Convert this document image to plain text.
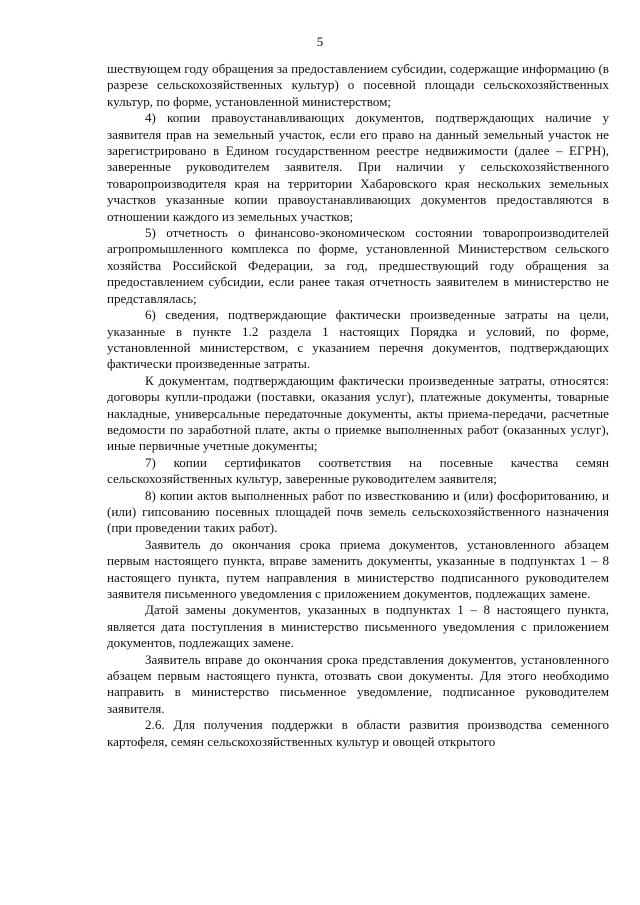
5

шествующем году обращения за предоставлением субсидии, содержащие информацию (в разрезе сельскохозяйственных культур) о посевной площади сельскохозяйственных культур, по форме, установленной министерством;

4) копии правоустанавливающих документов, подтверждающих наличие у заявителя прав на земельный участок, если его право на данный земельный участок не зарегистрировано в Едином государственном реестре недвижимости (далее – ЕГРН), заверенные руководителем заявителя. При наличии у сельскохозяйственного товаропроизводителя края на территории Хабаровского края нескольких земельных участков указанные копии правоустанавливающих документов предоставляются в отношении каждого из земельных участков;

5) отчетность о финансово-экономическом состоянии товаропроизводителей агропромышленного комплекса по форме, установленной Министерством сельского хозяйства Российской Федерации, за год, предшествующий году обращения за предоставлением субсидии, если ранее такая отчетность заявителем в министерство не представлялась;

6) сведения, подтверждающие фактически произведенные затраты на цели, указанные в пункте 1.2 раздела 1 настоящих Порядка и условий, по форме, установленной министерством, с указанием перечня документов, подтверждающих фактически произведенные затраты.

К документам, подтверждающим фактически произведенные затраты, относятся: договоры купли-продажи (поставки, оказания услуг), платежные документы, товарные накладные, универсальные передаточные документы, акты приема-передачи, расчетные ведомости по заработной плате, акты о приемке выполненных работ (оказанных услуг), иные первичные учетные документы;

7) копии сертификатов соответствия на посевные качества семян сельскохозяйственных культур, заверенные руководителем заявителя;

8) копии актов выполненных работ по известкованию и (или) фосфоритованию, и (или) гипсованию посевных площадей почв земель сельскохозяйственного назначения (при проведении таких работ).

Заявитель до окончания срока приема документов, установленного абзацем первым настоящего пункта, вправе заменить документы, указанные в подпунктах 1 – 8 настоящего пункта, путем направления в министерство подписанного руководителем заявителя письменного уведомления с приложением документов, подлежащих замене.

Датой замены документов, указанных в подпунктах 1 – 8 настоящего пункта, является дата поступления в министерство письменного уведомления с приложением документов, подлежащих замене.

Заявитель вправе до окончания срока представления документов, установленного абзацем первым настоящего пункта, отозвать свои документы. Для этого необходимо направить в министерство письменное уведомление, подписанное руководителем заявителя.

2.6. Для получения поддержки в области развития производства семенного картофеля, семян сельскохозяйственных культур и овощей открытого
